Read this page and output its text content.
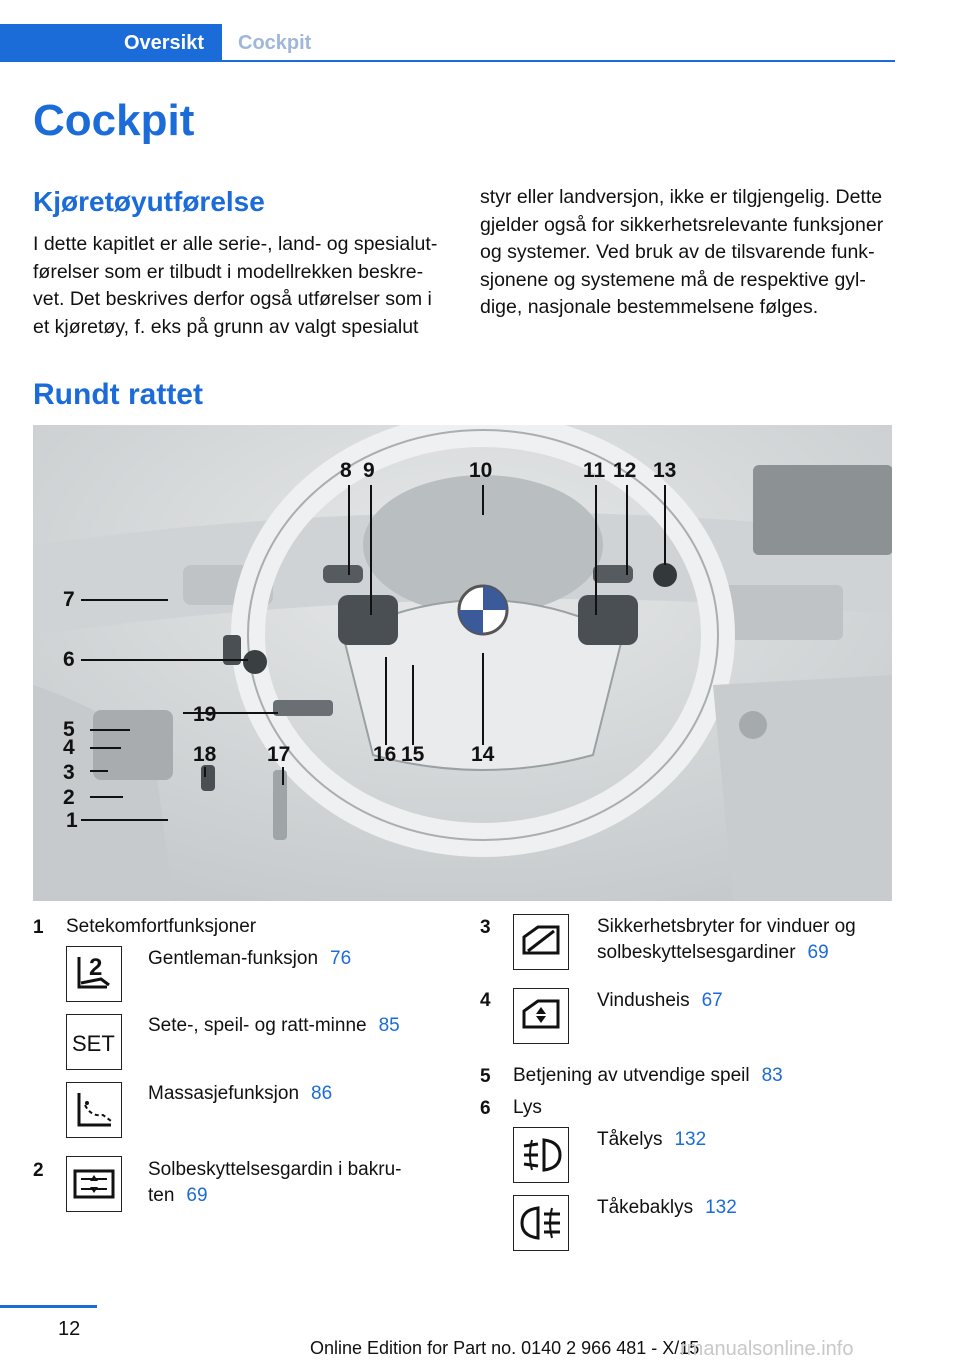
Oversikt Cockpit
Cockpit
Kjøretøyutførelse
I dette kapitlet er alle serie-, land- og spesialutførelser som er tilbudt i modellrekken beskrevet. Det beskrives derfor også utførelser som i et kjøretøy, f. eks på grunn av valgt spesialut
styr eller landversjon, ikke er tilgjengelig. Dette gjelder også for sikkerhetsrelevante funksjoner og systemer. Ved bruk av de tilsvarende funksjonene og systemene må de respektive gyldige, nasjonale bestemmelsene følges.
Rundt rattet
8 9	10	11 12 13
7
6
19
5
4	18 17	16 15 14
3
2
1
1 Setekomfortfunksjoner
2 Gentleman-funksjon 76
SET
Sete-, speil- og ratt-minne 85
Massasjefunksjon 86
2	Solbeskyttelsesgardin i bakruten 69
3	Sikkerhetsbryter for vinduer og solbeskyttelsesgardiner 69
4	Vindusheis 67
5 Betjening av utvendige speil 83
6 Lys
Tåkelys 132
Tåkebaklys 132
12
Online Edition for Part no. 0140 2 966 481 - X/15
rmanualsonline.info
